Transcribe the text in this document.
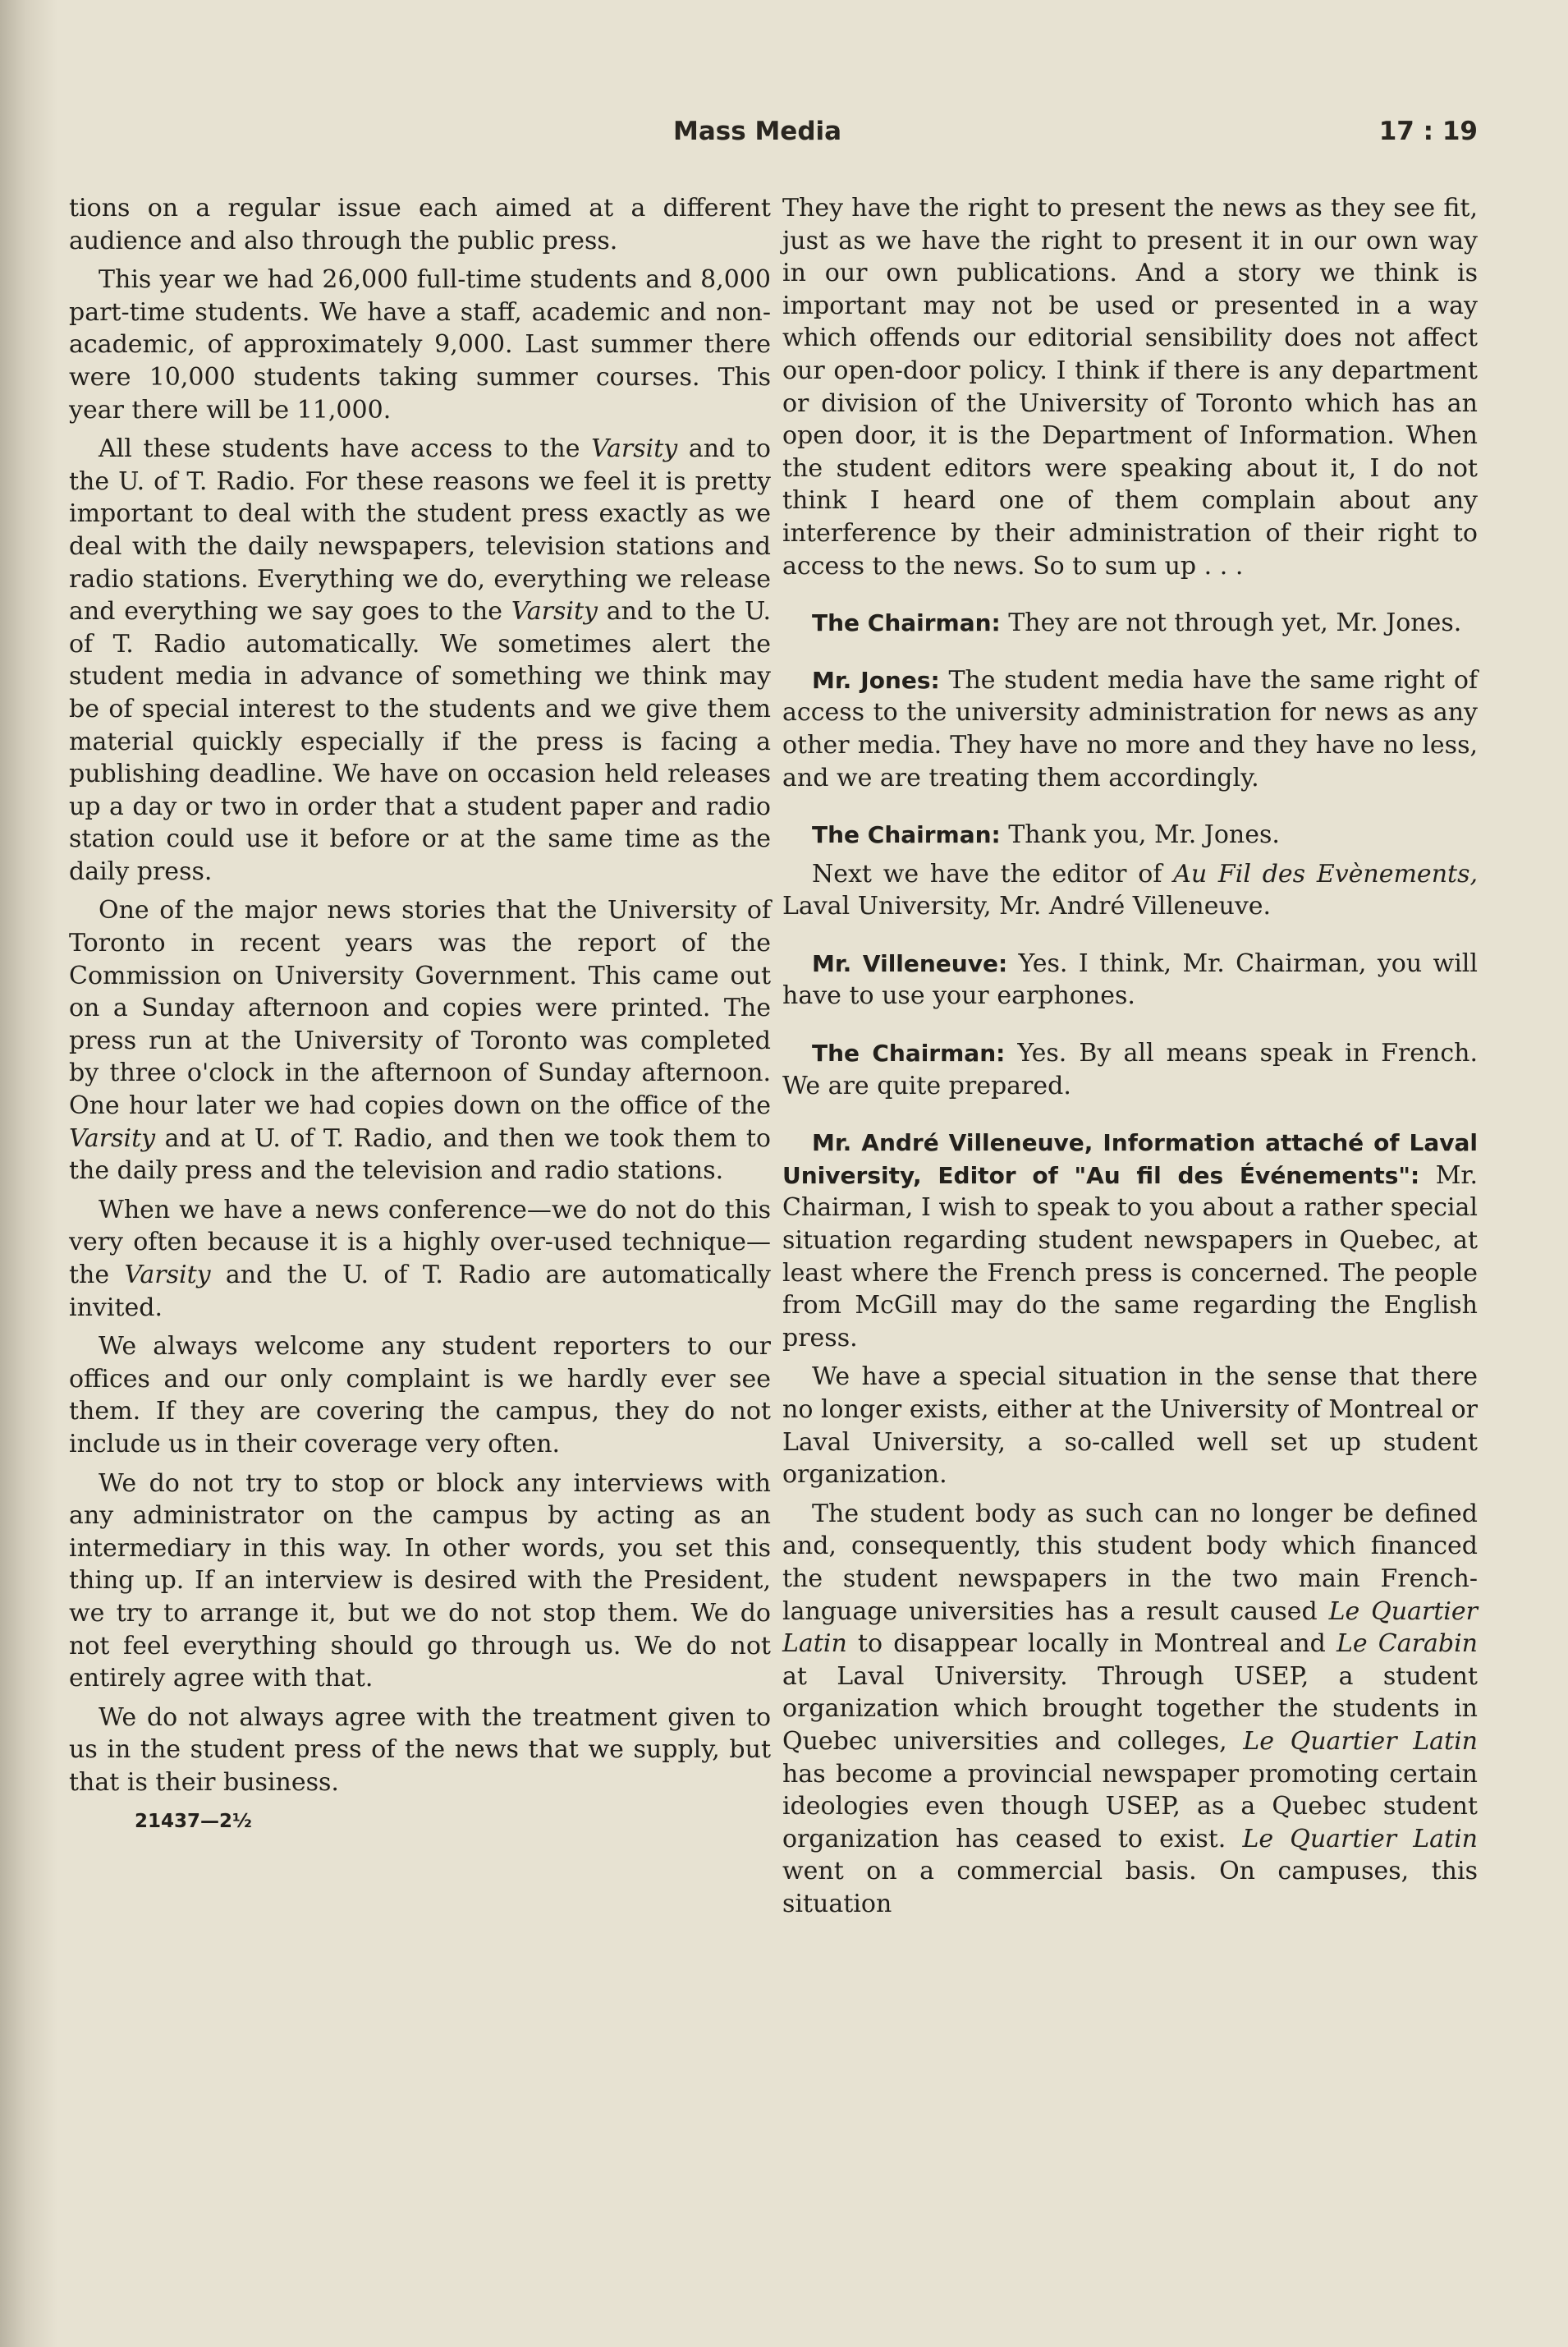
Mass Media	17 : 19

tions on a regular issue each aimed at a different audience and also through the public press.

This year we had 26,000 full-time students and 8,000 part-time students. We have a staff, academic and non-academic, of approximately 9,000. Last summer there were 10,000 students taking summer courses. This year there will be 11,000.

All these students have access to the Varsity and to the U. of T. Radio. For these reasons we feel it is pretty important to deal with the student press exactly as we deal with the daily newspapers, television stations and radio stations. Everything we do, everything we release and everything we say goes to the Varsity and to the U. of T. Radio automatically. We sometimes alert the student media in advance of something we think may be of special interest to the students and we give them material quickly especially if the press is facing a publishing deadline. We have on occasion held releases up a day or two in order that a student paper and radio station could use it before or at the same time as the daily press.

One of the major news stories that the University of Toronto in recent years was the report of the Commission on University Government. This came out on a Sunday afternoon and copies were printed. The press run at the University of Toronto was completed by three o'clock in the afternoon of Sunday afternoon. One hour later we had copies down on the office of the Varsity and at U. of T. Radio, and then we took them to the daily press and the television and radio stations.

When we have a news conference—we do not do this very often because it is a highly over-used technique—the Varsity and the U. of T. Radio are automatically invited.

We always welcome any student reporters to our offices and our only complaint is we hardly ever see them. If they are covering the campus, they do not include us in their coverage very often.

We do not try to stop or block any interviews with any administrator on the campus by acting as an intermediary in this way. In other words, you set this thing up. If an interview is desired with the President, we try to arrange it, but we do not stop them. We do not feel everything should go through us. We do not entirely agree with that.

We do not always agree with the treatment given to us in the student press of the news that we supply, but that is their business.

21437—2½

They have the right to present the news as they see fit, just as we have the right to present it in our own way in our own publications. And a story we think is important may not be used or presented in a way which offends our editorial sensibility does not affect our open-door policy. I think if there is any department or division of the University of Toronto which has an open door, it is the Department of Information. When the student editors were speaking about it, I do not think I heard one of them complain about any interference by their administration of their right to access to the news. So to sum up . . .

The Chairman: They are not through yet, Mr. Jones.

Mr. Jones: The student media have the same right of access to the university administration for news as any other media. They have no more and they have no less, and we are treating them accordingly.

The Chairman: Thank you, Mr. Jones.

Next we have the editor of Au Fil des Evènements, Laval University, Mr. André Villeneuve.

Mr. Villeneuve: Yes. I think, Mr. Chairman, you will have to use your earphones.

The Chairman: Yes. By all means speak in French. We are quite prepared.

Mr. André Villeneuve, Information attaché of Laval University, Editor of "Au fil des Événements": Mr. Chairman, I wish to speak to you about a rather special situation regarding student newspapers in Quebec, at least where the French press is concerned. The people from McGill may do the same regarding the English press.

We have a special situation in the sense that there no longer exists, either at the University of Montreal or Laval University, a so-called well set up student organization.

The student body as such can no longer be defined and, consequently, this student body which financed the student newspapers in the two main French-language universities has a result caused Le Quartier Latin to disappear locally in Montreal and Le Carabin at Laval University. Through USEP, a student organization which brought together the students in Quebec universities and colleges, Le Quartier Latin has become a provincial newspaper promoting certain ideologies even though USEP, as a Quebec student organization has ceased to exist. Le Quartier Latin went on a commercial basis. On campuses, this situation
